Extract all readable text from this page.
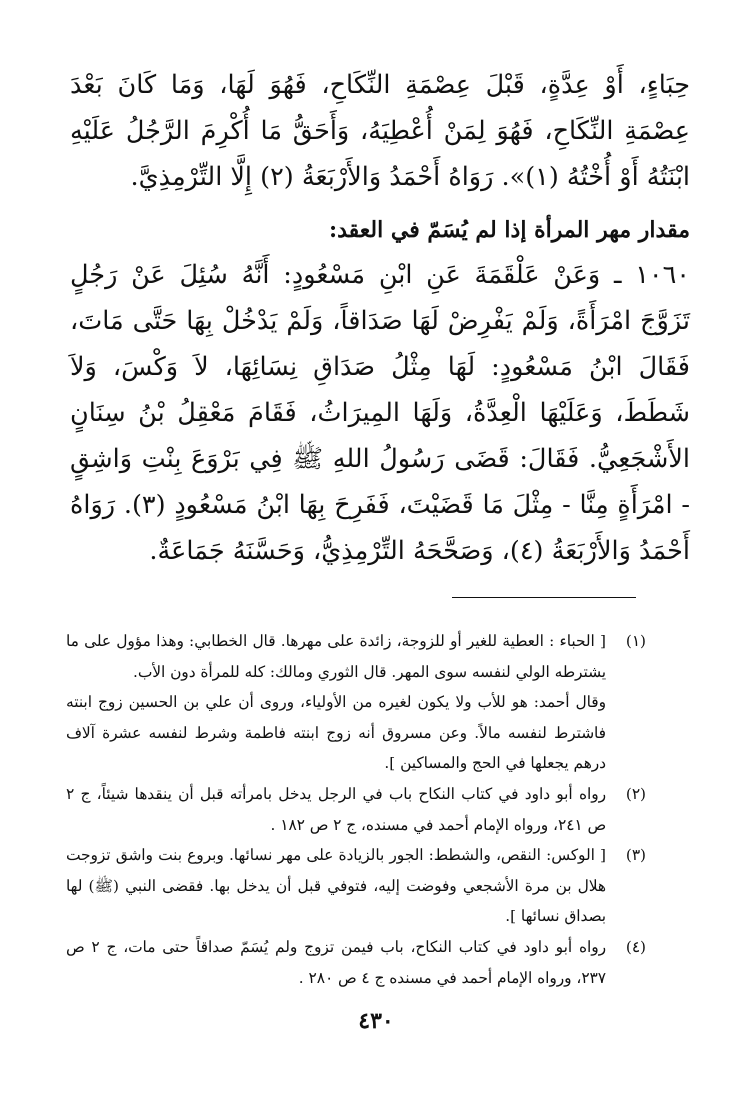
حِبَاءٍ، أَوْ عِدَّةٍ، قَبْلَ عِصْمَةِ النِّكَاحِ، فَهُوَ لَهَا، وَمَا كَانَ بَعْدَ عِصْمَةِ النِّكَاحِ، فَهُوَ لِمَنْ أُعْطِيَهُ، وَأَحَقُّ مَا أُكْرِمَ الرَّجُلُ عَلَيْهِ ابْنَتُهُ أَوْ أُخْتُهُ (١)». رَوَاهُ أَحْمَدُ وَالأَرْبَعَةُ (٢) إِلَّا التِّرْمِذِيَّ.

مقدار مهر المرأة إذا لم يُسَمّ في العقد:

١٠٦٠ ـ وَعَنْ عَلْقَمَةَ عَنِ ابْنِ مَسْعُودٍ: أَنَّهُ سُئِلَ عَنْ رَجُلٍ تَزَوَّجَ امْرَأَةً، وَلَمْ يَفْرِضْ لَهَا صَدَاقاً، وَلَمْ يَدْخُلْ بِهَا حَتَّى مَاتَ، فَقَالَ ابْنُ مَسْعُودٍ: لَهَا مِثْلُ صَدَاقِ نِسَائِهَا، لاَ وَكْسَ، وَلاَ شَطَطَ، وَعَلَيْهَا الْعِدَّةُ، وَلَهَا المِيرَاثُ، فَقَامَ مَعْقِلُ بْنُ سِنَانٍ الأَشْجَعِيُّ. فَقَالَ: قَضَى رَسُولُ اللهِ ﷺ فِي بَرْوَعَ بِنْتِ وَاشِقٍ - امْرَأَةٍ مِنَّا - مِثْلَ مَا قَضَيْتَ، فَفَرِحَ بِهَا ابْنُ مَسْعُودٍ (٣). رَوَاهُ أَحْمَدُ وَالأَرْبَعَةُ (٤)، وَصَحَّحَهُ التِّرْمِذِيُّ، وَحَسَّنَهُ جَمَاعَةٌ.

(١)

[ الحباء : العطية للغير أو للزوجة، زائدة على مهرها. قال الخطابي: وهذا مؤول على ما يشترطه الولي لنفسه سوى المهر. قال الثوري ومالك: كله للمرأة دون الأب.

وقال أحمد: هو للأب ولا يكون لغيره من الأولياء، وروى أن علي بن الحسين زوج ابنته فاشترط لنفسه مالاً. وعن مسروق أنه زوج ابنته فاطمة وشرط لنفسه عشرة آلاف درهم يجعلها في الحج والمساكين ].

(٢)

رواه أبو داود في كتاب النكاح باب في الرجل يدخل بامرأته قبل أن ينقدها شيئاً، ج ٢ ص ٢٤١، ورواه الإمام أحمد في مسنده، ج ٢ ص ١٨٢ .

(٣)

[ الوكس: النقص، والشطط: الجور بالزيادة على مهر نسائها. وبروع بنت واشق تزوجت هلال بن مرة الأشجعي وفوضت إليه، فتوفي قبل أن يدخل بها. فقضى النبي (ﷺ) لها بصداق نسائها ].

(٤)

رواه أبو داود في كتاب النكاح، باب فيمن تزوج ولم يُسَمّ صداقاً حتى مات، ج ٢ ص ٢٣٧، ورواه الإمام أحمد في مسنده ج ٤ ص ٢٨٠ .

٤٣٠
